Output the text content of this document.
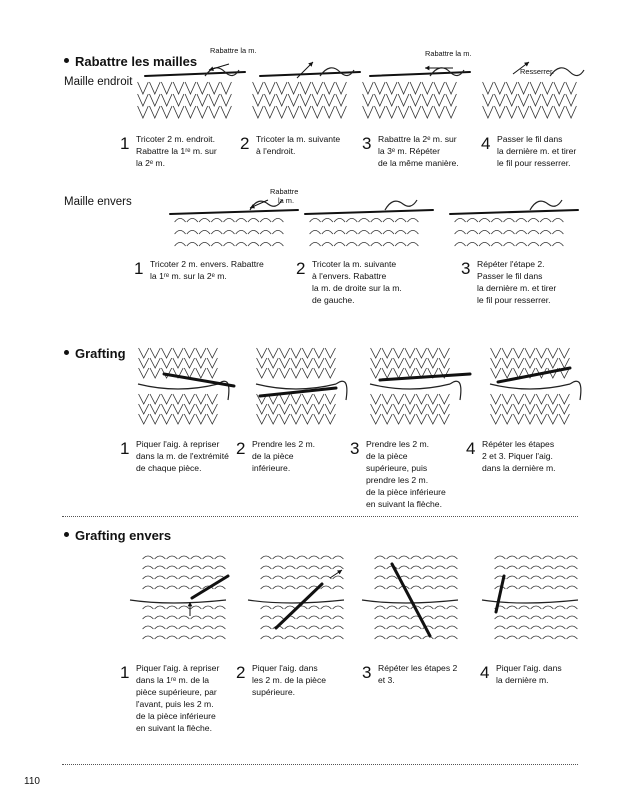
Rabattre les mailles
Maille endroit
Rabattre la m.	Rabattre la m.
Resserrer.
1 Tricoter 2 m. endroit.
Rabattre la 1ʳᵉ m. sur
la 2ᵉ m.
2 Tricoter la m. suivante
à l'endroit.	3 Rabattre la 2ᵉ m. sur
la 3ᵉ m. Répéter
de la même manière.
4 Passer le fil dans
la dernière m. et tirer
le fil pour resserrer.
Maille envers
Rabattre
la m.
1 Tricoter 2 m. envers. Rabattre
la 1ʳᵉ m. sur la 2ᵉ m.	2 Tricoter la m. suivante
à l'envers. Rabattre
la m. de droite sur la m.
de gauche.
3 Répéter l'étape 2.
Passer le fil dans
la dernière m. et tirer
le fil pour resserrer.
Grafting
1 Piquer l'aig. à repriser
dans la m. de l'extrémité
de chaque pièce.
2 Prendre les 2 m.
de la pièce
inférieure.
3 Prendre les 2 m.
de la pièce
supérieure, puis
prendre les 2 m.
de la pièce inférieure
en suivant la flèche.
4 Répéter les étapes
2 et 3. Piquer l'aig.
dans la dernière m.
Grafting envers
1 Piquer l'aig. à repriser
dans la 1ʳᵉ m. de la
pièce supérieure, par
l'avant, puis les 2 m.
de la pièce inférieure
en suivant la flèche.
2 Piquer l'aig. dans
les 2 m. de la pièce
supérieure.
3 Répéter les étapes 2
et 3.	4 Piquer l'aig. dans
la dernière m.
110
